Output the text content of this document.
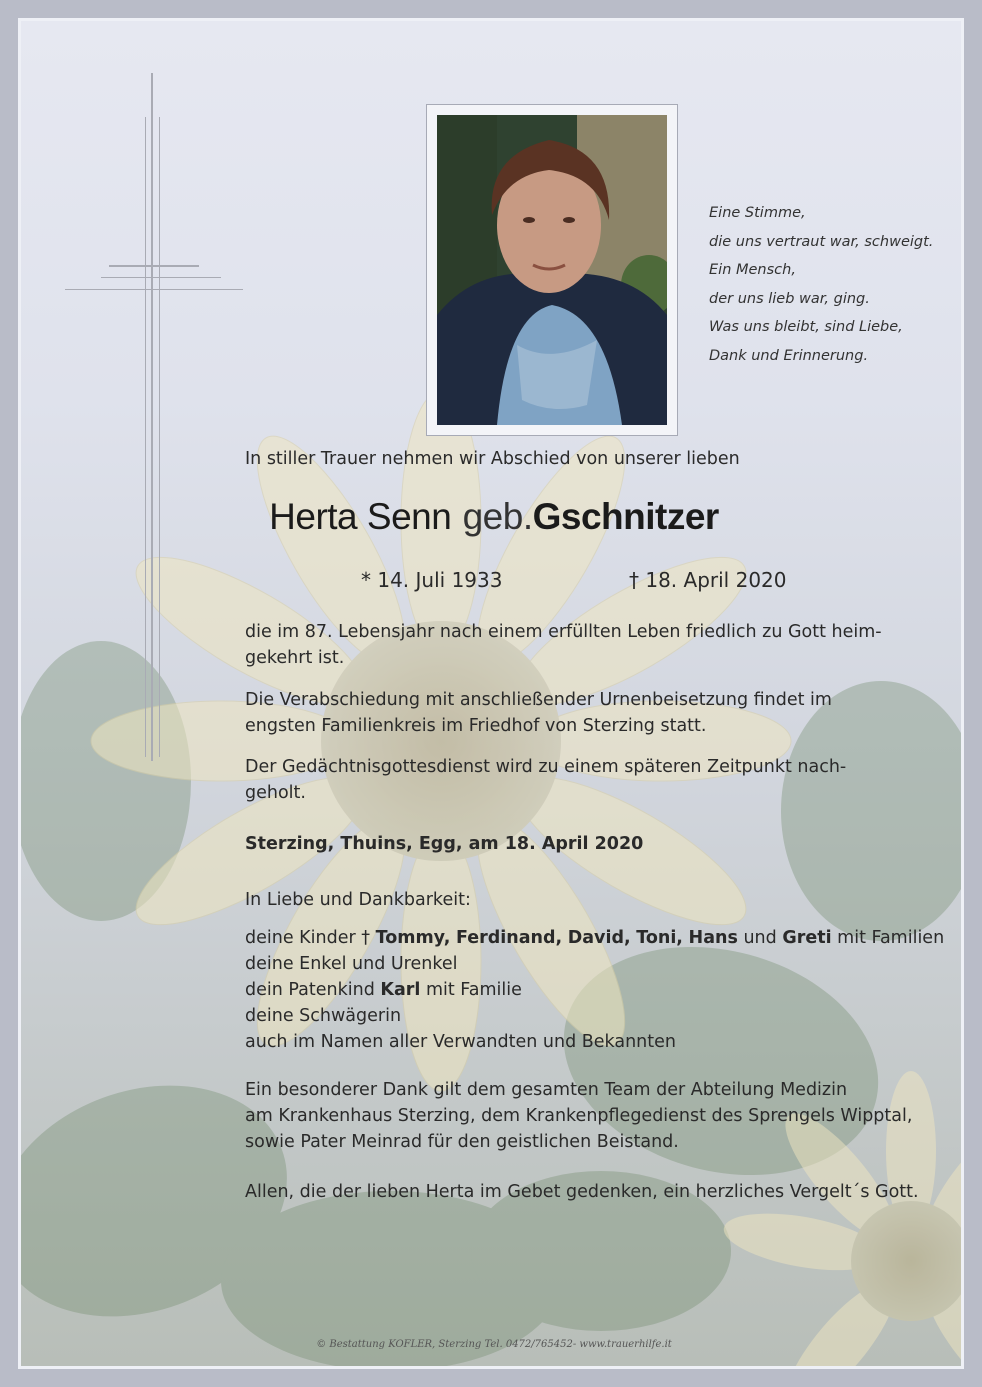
Eine Stimme,
die uns vertraut war, schweigt.
Ein Mensch,
der uns lieb war, ging.
Was uns bleibt, sind Liebe,
Dank und Erinnerung.
In stiller Trauer nehmen wir Abschied von unserer lieben
Herta Senn geb.Gschnitzer
* 14. Juli 1933	† 18. April 2020
die im 87. Lebensjahr nach einem erfüllten Leben friedlich zu Gott heim-
gekehrt ist.
Die Verabschiedung mit anschließender Urnenbeisetzung findet im
engsten Familienkreis im Friedhof von Sterzing statt.
Der Gedächtnisgottesdienst wird zu einem späteren Zeitpunkt nach-
geholt.
Sterzing, Thuins, Egg, am 18. April 2020
In Liebe und Dankbarkeit:
deine Kinder † Tommy, Ferdinand, David, Toni, Hans und Greti mit Familien
deine Enkel und Urenkel
dein Patenkind Karl mit Familie
deine Schwägerin
auch im Namen aller Verwandten und Bekannten
Ein besonderer Dank gilt dem gesamten Team der Abteilung Medizin
am Krankenhaus Sterzing, dem Krankenpflegedienst des Sprengels Wipptal,
sowie Pater Meinrad für den geistlichen Beistand.
Allen, die der lieben Herta im Gebet gedenken, ein herzliches Vergelt´s Gott.
© Bestattung KOFLER, Sterzing Tel. 0472/765452- www.trauerhilfe.it
